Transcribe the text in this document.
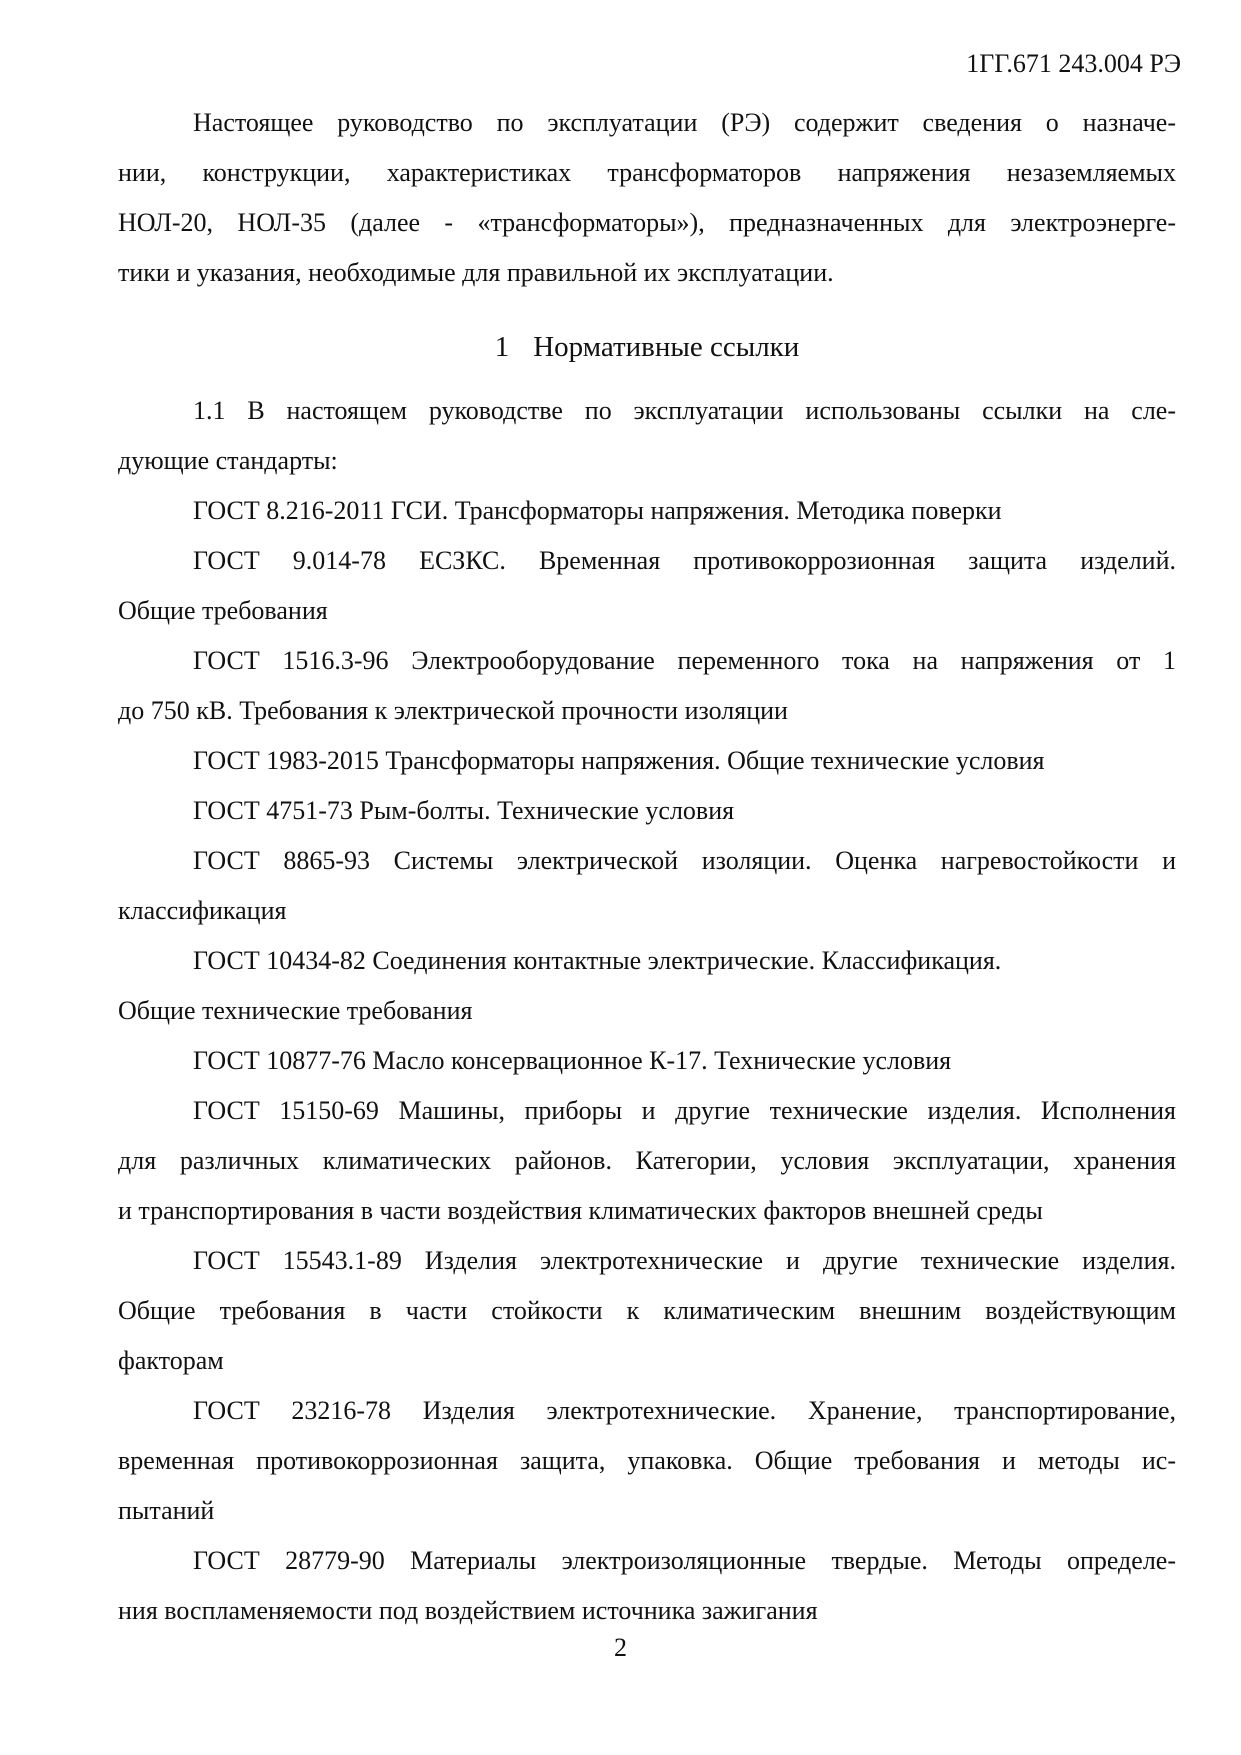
1ГГ.671 243.004 РЭ
Настоящее руководство по эксплуатации (РЭ) содержит сведения о назначе-
нии, конструкции, характеристиках трансформаторов напряжения незаземляемых
НОЛ-20, НОЛ-35 (далее - «трансформаторы»), предназначенных для электроэнерге-
тики и указания, необходимые для правильной их эксплуатации.
1 Нормативные ссылки
1.1 В настоящем руководстве по эксплуатации использованы ссылки на сле-
дующие стандарты:
ГОСТ 8.216-2011 ГСИ. Трансформаторы напряжения. Методика поверки
ГОСТ 9.014-78 ЕСЗКС. Временная противокоррозионная защита изделий.
Общие требования
ГОСТ 1516.3-96 Электрооборудование переменного тока на напряжения от 1
до 750 кВ. Требования к электрической прочности изоляции
ГОСТ 1983-2015 Трансформаторы напряжения. Общие технические условия
ГОСТ 4751-73 Рым-болты. Технические условия
ГОСТ 8865-93 Системы электрической изоляции. Оценка нагревостойкости и
классификация
ГОСТ 10434-82 Соединения контактные электрические. Классификация.
Общие технические требования
ГОСТ 10877-76 Масло консервационное К-17. Технические условия
ГОСТ 15150-69 Машины, приборы и другие технические изделия. Исполнения
для различных климатических районов. Категории, условия эксплуатации, хранения
и транспортирования в части воздействия климатических факторов внешней среды
ГОСТ 15543.1-89 Изделия электротехнические и другие технические изделия.
Общие требования в части стойкости к климатическим внешним воздействующим
факторам
ГОСТ 23216-78 Изделия электротехнические. Хранение, транспортирование,
временная противокоррозионная защита, упаковка. Общие требования и методы ис-
пытаний
ГОСТ 28779-90 Материалы электроизоляционные твердые. Методы определе-
ния воспламеняемости под воздействием источника зажигания
2
